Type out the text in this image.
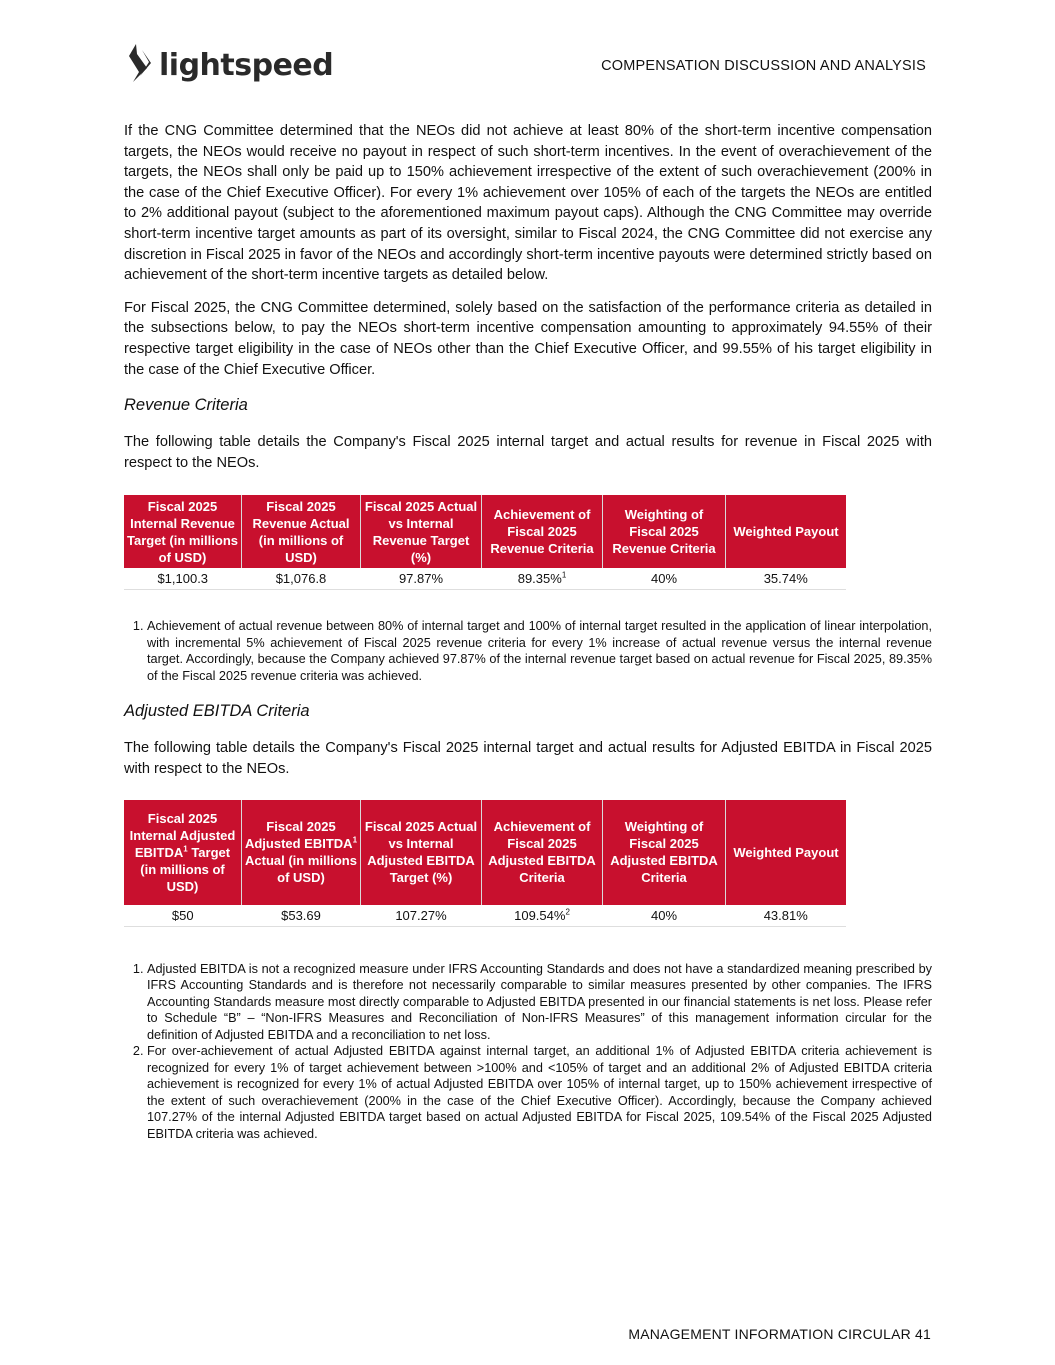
lightspeed	COMPENSATION DISCUSSION AND ANALYSIS

If the CNG Committee determined that the NEOs did not achieve at least 80% of the short-term incentive compensation targets, the NEOs would receive no payout in respect of such short-term incentives. In the event of overachievement of the targets, the NEOs shall only be paid up to 150% achievement irrespective of the extent of such overachievement (200% in the case of the Chief Executive Officer). For every 1% achievement over 105% of each of the targets the NEOs are entitled to 2% additional payout (subject to the aforementioned maximum payout caps). Although the CNG Committee may override short-term incentive target amounts as part of its oversight, similar to Fiscal 2024, the CNG Committee did not exercise any discretion in Fiscal 2025 in favor of the NEOs and accordingly short-term incentive payouts were determined strictly based on achievement of the short-term incentive targets as detailed below.

For Fiscal 2025, the CNG Committee determined, solely based on the satisfaction of the performance criteria as detailed in the subsections below, to pay the NEOs short-term incentive compensation amounting to approximately 94.55% of their respective target eligibility in the case of NEOs other than the Chief Executive Officer, and 99.55% of his target eligibility in the case of the Chief Executive Officer.

Revenue Criteria

The following table details the Company's Fiscal 2025 internal target and actual results for revenue in Fiscal 2025 with respect to the NEOs.

Fiscal 2025 Internal Revenue Target (in millions of USD)	Fiscal 2025 Revenue Actual (in millions of USD)	Fiscal 2025 Actual vs Internal Revenue Target (%)	Achievement of Fiscal 2025 Revenue Criteria	Weighting of Fiscal 2025 Revenue Criteria	Weighted Payout
$1,100.3	$1,076.8	97.87%	89.35%$^1$	40%	35.74%
1. Achievement of actual revenue between 80% of internal target and 100% of internal target resulted in the application of linear interpolation, with incremental 5% achievement of Fiscal 2025 revenue criteria for every 1% increase of actual revenue versus the internal revenue target. Accordingly, because the Company achieved 97.87% of the internal revenue target based on actual revenue for Fiscal 2025, 89.35% of the Fiscal 2025 revenue criteria was achieved.
Adjusted EBITDA Criteria

The following table details the Company's Fiscal 2025 internal target and actual results for Adjusted EBITDA in Fiscal 2025 with respect to the NEOs.

Fiscal 2025 Internal Adjusted EBITDA$^1$ Target (in millions of USD)	Fiscal 2025 Adjusted EBITDA$^1$ Actual (in millions of USD)	Fiscal 2025 Actual vs Internal Adjusted EBITDA Target (%)	Achievement of Fiscal 2025 Adjusted EBITDA Criteria	Weighting of Fiscal 2025 Adjusted EBITDA Criteria	Weighted Payout
$50	$53.69	107.27%	109.54%$^2$	40%	43.81%
1. Adjusted EBITDA is not a recognized measure under IFRS Accounting Standards and does not have a standardized meaning prescribed by IFRS Accounting Standards and is therefore not necessarily comparable to similar measures presented by other companies. The IFRS Accounting Standards measure most directly comparable to Adjusted EBITDA presented in our financial statements is net loss. Please refer to Schedule “B” – “Non-IFRS Measures and Reconciliation of Non-IFRS Measures” of this management information circular for the definition of Adjusted EBITDA and a reconciliation to net loss.
2. For over-achievement of actual Adjusted EBITDA against internal target, an additional 1% of Adjusted EBITDA criteria achievement is recognized for every 1% of target achievement between >100% and <105% of target and an additional 2% of Adjusted EBITDA criteria achievement is recognized for every 1% of actual Adjusted EBITDA over 105% of internal target, up to 150% achievement irrespective of the extent of such overachievement (200% in the case of the Chief Executive Officer). Accordingly, because the Company achieved 107.27% of the internal Adjusted EBITDA target based on actual Adjusted EBITDA for Fiscal 2025, 109.54% of the Fiscal 2025 Adjusted EBITDA criteria was achieved.
MANAGEMENT INFORMATION CIRCULAR 41
